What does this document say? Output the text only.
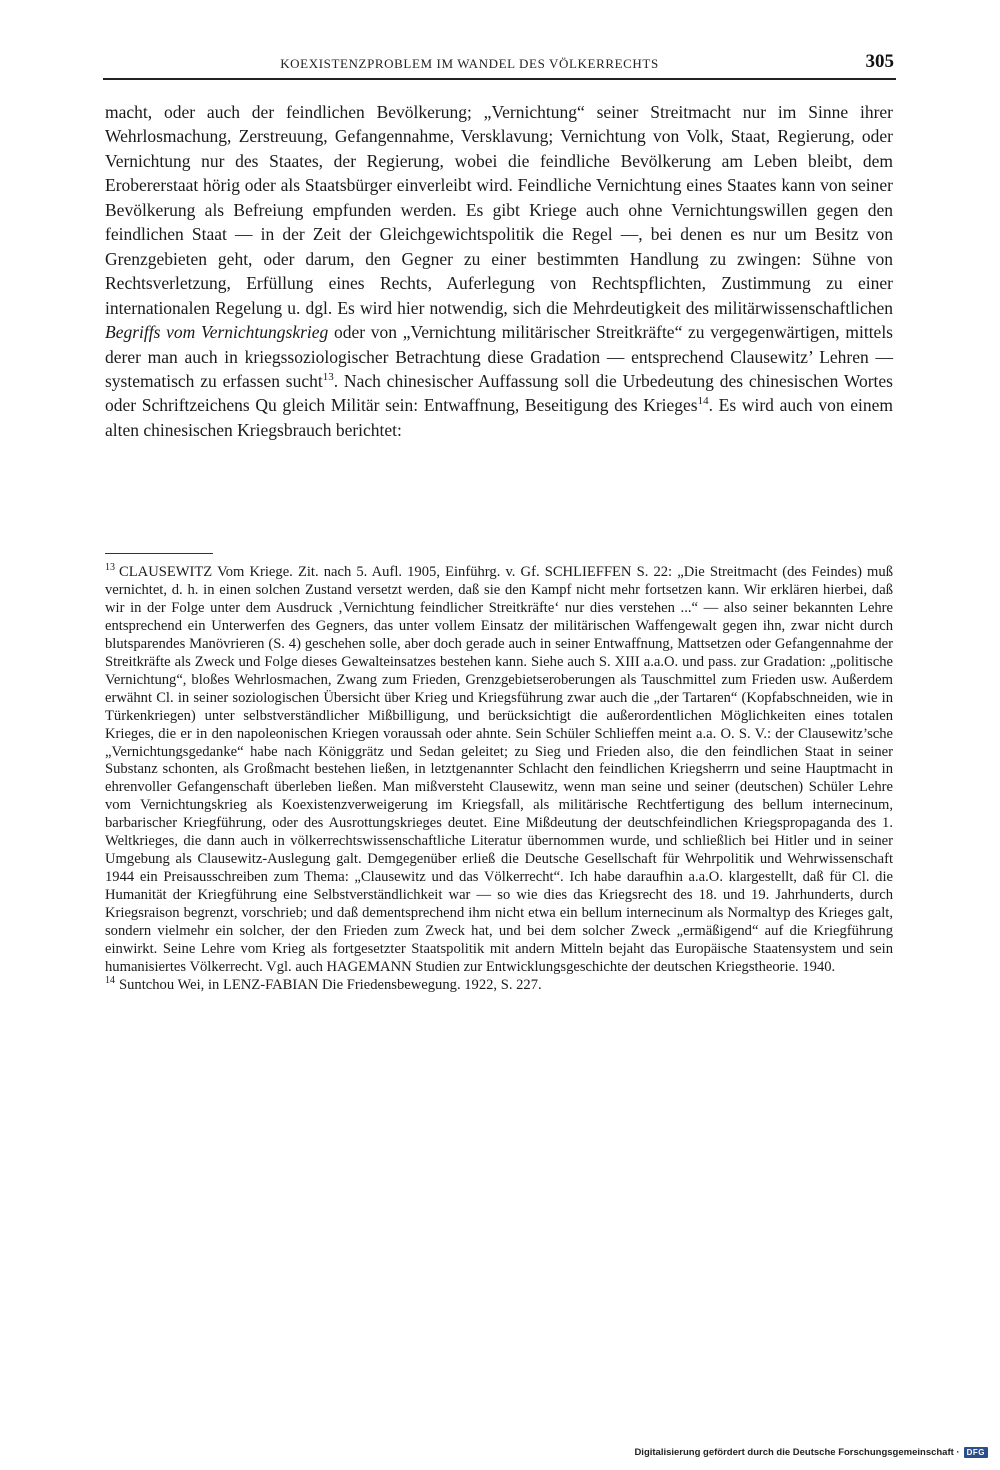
KOEXISTENZPROBLEM IM WANDEL DES VÖLKERRECHTS	305

macht, oder auch der feindlichen Bevölkerung; „Vernichtung“ seiner Streitmacht nur im Sinne ihrer Wehrlosmachung, Zerstreuung, Gefangennahme, Versklavung; Vernichtung von Volk, Staat, Regierung, oder Vernichtung nur des Staates, der Regierung, wobei die feindliche Bevölkerung am Leben bleibt, dem Erobererstaat hörig oder als Staatsbürger einverleibt wird. Feindliche Vernichtung eines Staates kann von seiner Bevölkerung als Befreiung empfunden werden. Es gibt Kriege auch ohne Vernichtungswillen gegen den feindlichen Staat — in der Zeit der Gleichgewichtspolitik die Regel —, bei denen es nur um Besitz von Grenzgebieten geht, oder darum, den Gegner zu einer bestimmten Handlung zu zwingen: Sühne von Rechtsverletzung, Erfüllung eines Rechts, Auferlegung von Rechtspflichten, Zustimmung zu einer internationalen Regelung u. dgl. Es wird hier notwendig, sich die Mehrdeutigkeit des militärwissenschaftlichen Begriffs vom Vernichtungskrieg oder von „Vernichtung militärischer Streitkräfte“ zu vergegenwärtigen, mittels derer man auch in kriegssoziologischer Betrachtung diese Gradation — entsprechend Clausewitz’ Lehren — systematisch zu erfassen sucht$^{13}$. Nach chinesischer Auffassung soll die Urbedeutung des chinesischen Wortes oder Schriftzeichens Qu gleich Militär sein: Entwaffnung, Beseitigung des Krieges$^{14}$. Es wird auch von einem alten chinesischen Kriegsbrauch berichtet:

$^{13}$ CLAUSEWITZ Vom Kriege. Zit. nach 5. Aufl. 1905, Einführg. v. Gf. SCHLIEFFEN S. 22: „Die Streitmacht (des Feindes) muß vernichtet, d. h. in einen solchen Zustand versetzt werden, daß sie den Kampf nicht mehr fortsetzen kann. Wir erklären hierbei, daß wir in der Folge unter dem Ausdruck ‚Vernichtung feindlicher Streitkräfte‘ nur dies verstehen ...“ — also seiner bekannten Lehre entsprechend ein Unterwerfen des Gegners, das unter vollem Einsatz der militärischen Waffengewalt gegen ihn, zwar nicht durch blutsparendes Manövrieren (S. 4) geschehen solle, aber doch gerade auch in seiner Entwaffnung, Mattsetzen oder Gefangennahme der Streitkräfte als Zweck und Folge dieses Gewalteinsatzes bestehen kann. Siehe auch S. XIII a.a.O. und pass. zur Gradation: „politische Vernichtung“, bloßes Wehrlosmachen, Zwang zum Frieden, Grenzgebietseroberungen als Tauschmittel zum Frieden usw. Außerdem erwähnt Cl. in seiner soziologischen Übersicht über Krieg und Kriegsführung zwar auch die „der Tartaren“ (Kopfabschneiden, wie in Türkenkriegen) unter selbstverständlicher Mißbilligung, und berücksichtigt die außerordentlichen Möglichkeiten eines totalen Krieges, die er in den napoleonischen Kriegen voraussah oder ahnte. Sein Schüler Schlieffen meint a.a. O. S. V.: der Clausewitz’sche „Vernichtungsgedanke“ habe nach Königgrätz und Sedan geleitet; zu Sieg und Frieden also, die den feindlichen Staat in seiner Substanz schonten, als Großmacht bestehen ließen, in letztgenannter Schlacht den feindlichen Kriegsherrn und seine Hauptmacht in ehrenvoller Gefangenschaft überleben ließen. Man mißversteht Clausewitz, wenn man seine und seiner (deutschen) Schüler Lehre vom Vernichtungskrieg als Koexistenzverweigerung im Kriegsfall, als militärische Rechtfertigung des bellum internecinum, barbarischer Kriegführung, oder des Ausrottungskrieges deutet. Eine Mißdeutung der deutschfeindlichen Kriegspropaganda des 1. Weltkrieges, die dann auch in völkerrechtswissenschaftliche Literatur übernommen wurde, und schließlich bei Hitler und in seiner Umgebung als Clausewitz-Auslegung galt. Demgegenüber erließ die Deutsche Gesellschaft für Wehrpolitik und Wehrwissenschaft 1944 ein Preisausschreiben zum Thema: „Clausewitz und das Völkerrecht“. Ich habe daraufhin a.a.O. klargestellt, daß für Cl. die Humanität der Kriegführung eine Selbstverständlichkeit war — so wie dies das Kriegsrecht des 18. und 19. Jahrhunderts, durch Kriegsraison begrenzt, vorschrieb; und daß dementsprechend ihm nicht etwa ein bellum internecinum als Normaltyp des Krieges galt, sondern vielmehr ein solcher, der den Frieden zum Zweck hat, und bei dem solcher Zweck „ermäßigend“ auf die Kriegführung einwirkt. Seine Lehre vom Krieg als fortgesetzter Staatspolitik mit andern Mitteln bejaht das Europäische Staatensystem und sein humanisiertes Völkerrecht. Vgl. auch HAGEMANN Studien zur Entwicklungsgeschichte der deutschen Kriegstheorie. 1940.

$^{14}$ Suntchou Wei, in LENZ-FABIAN Die Friedensbewegung. 1922, S. 227.

Digitalisierung gefördert durch die Deutsche Forschungsgemeinschaft · DFG
